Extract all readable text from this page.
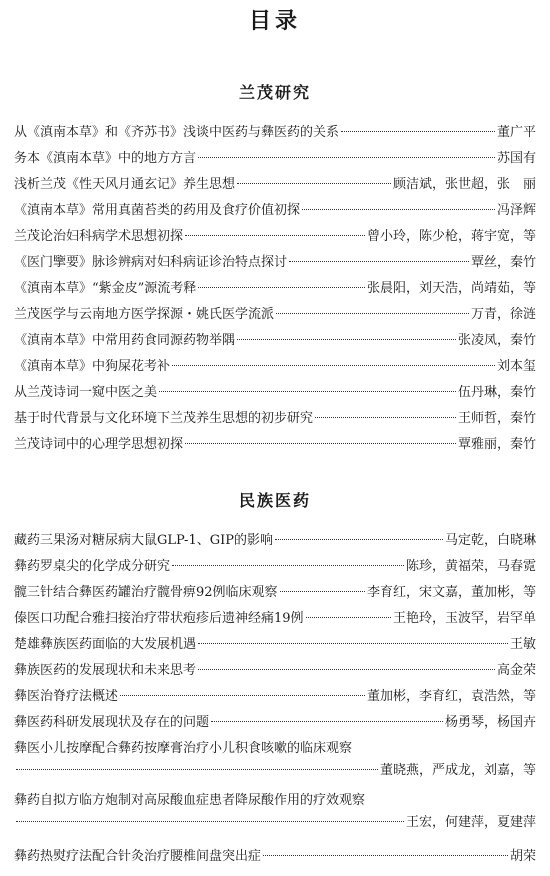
目录
兰茂研究
从《滇南本草》和《齐苏书》浅谈中医药与彝医药的关系	董广平
务本《滇南本草》中的地方方言	苏国有
浅析兰茂《性天风月通玄记》养生思想	顾洁斌，张世超，张　丽
《滇南本草》常用真菌苔类的药用及食疗价值初探	冯泽辉
兰茂论治妇科病学术思想初探	曾小玲，陈少枪，蒋宇宽，等
《医门擥要》脉诊辨病对妇科病证诊治特点探讨	覃丝，秦竹
《滇南本草》“紫金皮”源流考释	张晨阳，刘天浩，尚靖茹，等
兰茂医学与云南地方医学探源・姚氏医学流派	万青，徐涟
《滇南本草》中常用药食同源药物举隅	张凌凤，秦竹
《滇南本草》中狗屎花考补	刘本玺
从兰茂诗词一窥中医之美	伍丹琳，秦竹
基于时代背景与文化环境下兰茂养生思想的初步研究	王师哲，秦竹
兰茂诗词中的心理学思想初探	覃雅丽，秦竹
民族医药
藏药三果汤对糖尿病大鼠GLP-1、GIP的影响	马定乾，白晓琳
彝药罗桌尖的化学成分研究	陈珍，黄福荣，马春霓
髋三针结合彝医药罐治疗髋骨痹92例临床观察	李育红，宋文嘉，董加彬，等
傣医口功配合雅扫接治疗带状疱疹后遗神经痛19例	王艳玲，玉波罕，岩罕单
楚雄彝族医药面临的大发展机遇	王敏
彝族医药的发展现状和未来思考	高金荣
彝医治脊疗法概述	董加彬，李育红，袁浩然，等
彝医药科研发展现状及存在的问题	杨勇琴，杨国卉
彝医小儿按摩配合彝药按摩膏治疗小儿积食咳嗽的临床观察
董晓燕，严成龙，刘嘉，等
彝药自拟方临方炮制对高尿酸血症患者降尿酸作用的疗效观察
王宏，何建萍，夏建萍
彝药热熨疗法配合针灸治疗腰椎间盘突出症	胡荣
